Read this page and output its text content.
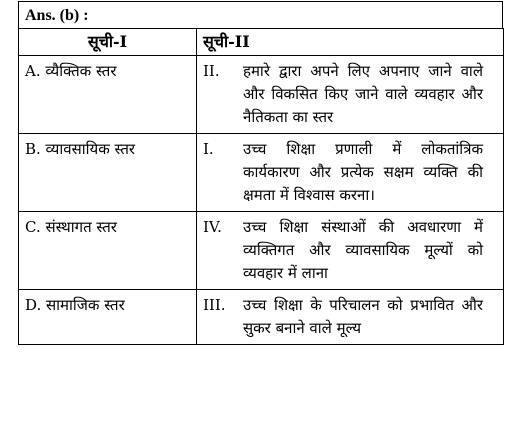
Ans. (b) :
सूची-I	सूची-II
A. व्यैक्तिक स्तर	II. हमारे द्वारा अपने लिए अपनाए जाने वाले और विकसित किए जाने वाले व्यवहार और नैतिकता का स्तर
B. व्यावसायिक स्तर	I. उच्च शिक्षा प्रणाली में लोकतांत्रिक कार्यकारण और प्रत्येक सक्षम व्यक्ति की क्षमता में विश्वास करना।
C. संस्थागत स्तर	IV. उच्च शिक्षा संस्थाओं की अवधारणा में व्यक्तिगत और व्यावसायिक मूल्यों को व्यवहार में लाना
D. सामाजिक स्तर	III. उच्च शिक्षा के परिचालन को प्रभावित और सुकर बनाने वाले मूल्य
